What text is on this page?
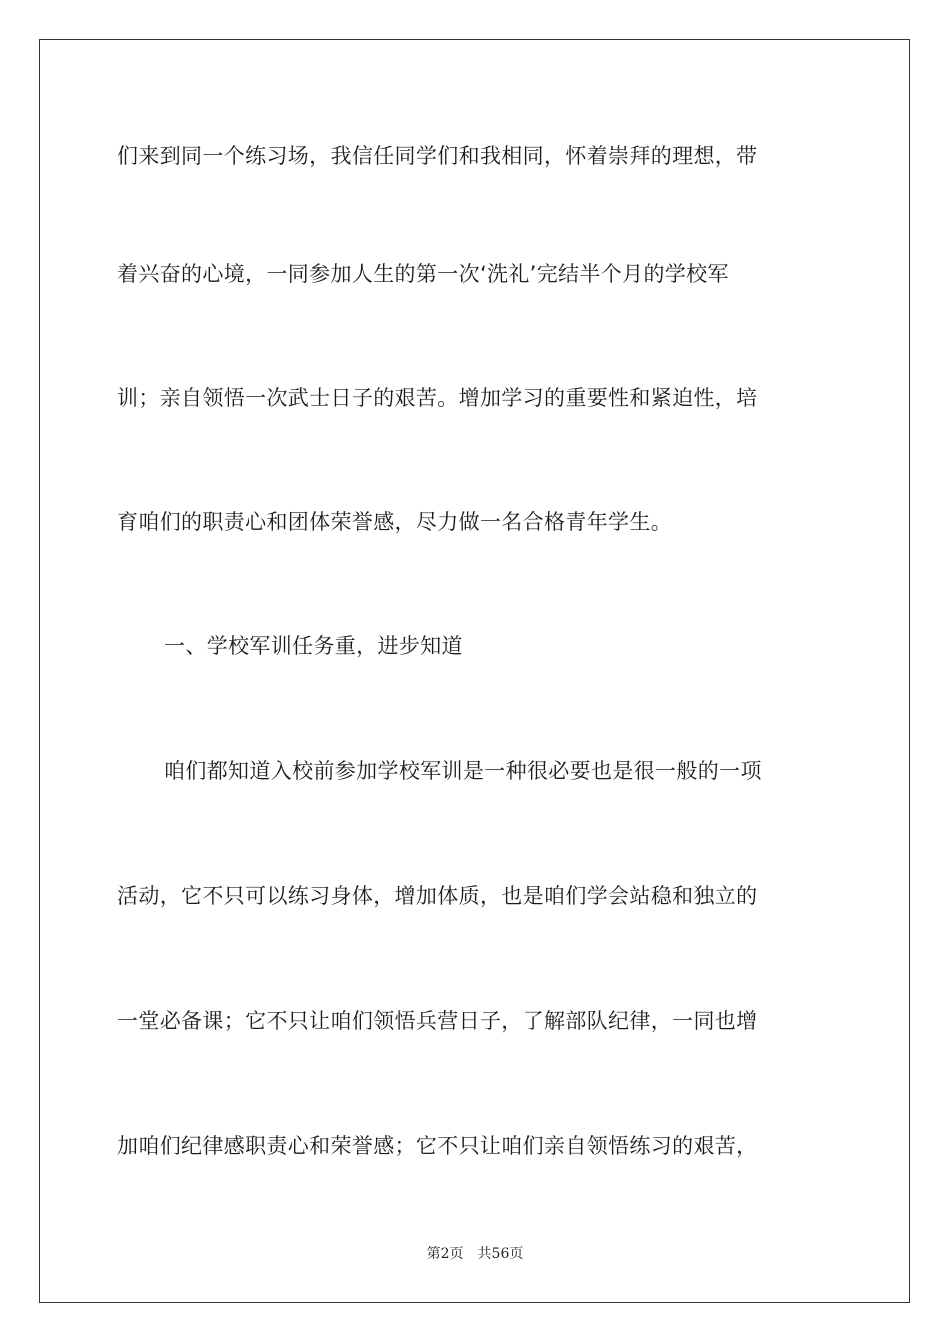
们来到同一个练习场，我信任同学们和我相同，怀着崇拜的理想，带
着兴奋的心境，一同参加人生的第一次‘洗礼’完结半个月的学校军
训；亲自领悟一次武士日子的艰苦。增加学习的重要性和紧迫性，培
育咱们的职责心和团体荣誉感，尽力做一名合格青年学生。
一、学校军训任务重，进步知道
咱们都知道入校前参加学校军训是一种很必要也是很一般的一项
活动，它不只可以练习身体，增加体质，也是咱们学会站稳和独立的
一堂必备课；它不只让咱们领悟兵营日子，了解部队纪律，一同也增
加咱们纪律感职责心和荣誉感；它不只让咱们亲自领悟练习的艰苦，
第2页 共56页
